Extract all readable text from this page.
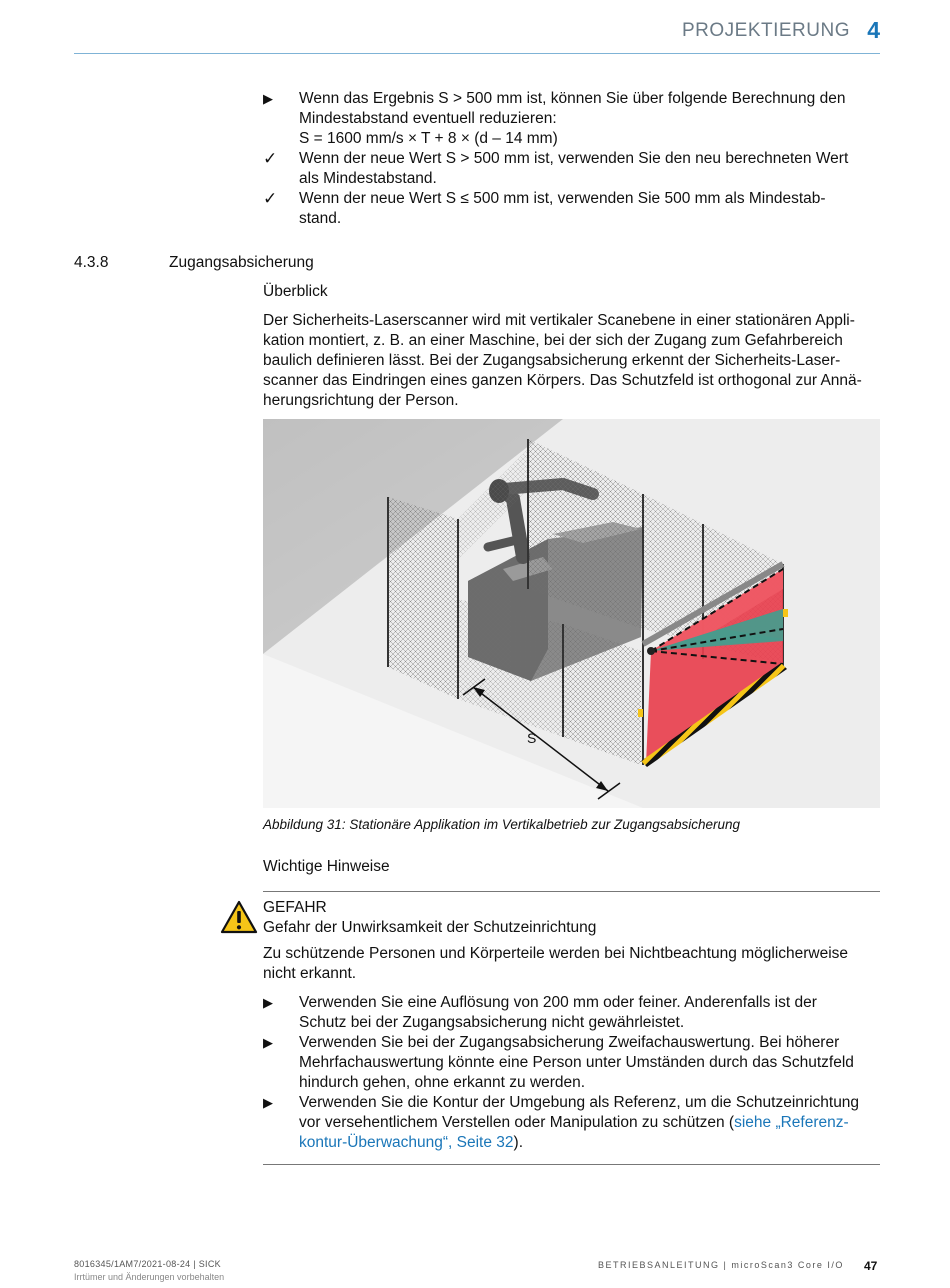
PROJEKTIERUNG 4
▶	Wenn das Ergebnis S > 500 mm ist, können Sie über folgende Berechnung den
Mindestabstand eventuell reduzieren:
S = 1600 mm/s × T + 8 × (d – 14 mm)
✓	Wenn der neue Wert S > 500 mm ist, verwenden Sie den neu berechneten Wert
als Mindestabstand.
✓	Wenn der neue Wert S ≤ 500 mm ist, verwenden Sie 500 mm als Mindestab-
stand.
4.3.8	Zugangsabsicherung
Überblick
Der Sicherheits-Laserscanner wird mit vertikaler Scanebene in einer stationären Appli-
kation montiert, z. B. an einer Maschine, bei der sich der Zugang zum Gefahrbereich
baulich definieren lässt. Bei der Zugangsabsicherung erkennt der Sicherheits-Laser-
scanner das Eindringen eines ganzen Körpers. Das Schutzfeld ist orthogonal zur Annä-
herungsrichtung der Person.
S
Abbildung 31: Stationäre Applikation im Vertikalbetrieb zur Zugangsabsicherung
Wichtige Hinweise
GEFAHR
Gefahr der Unwirksamkeit der Schutzeinrichtung
Zu schützende Personen und Körperteile werden bei Nichtbeachtung möglicherweise
nicht erkannt.
▶	Verwenden Sie eine Auflösung von 200 mm oder feiner. Anderenfalls ist der
Schutz bei der Zugangsabsicherung nicht gewährleistet.
▶	Verwenden Sie bei der Zugangsabsicherung Zweifachauswertung. Bei höherer
Mehrfachauswertung könnte eine Person unter Umständen durch das Schutzfeld
hindurch gehen, ohne erkannt zu werden.
▶	Verwenden Sie die Kontur der Umgebung als Referenz, um die Schutzeinrichtung
vor versehentlichem Verstellen oder Manipulation zu schützen (siehe „Referenz-
kontur-Überwachung“, Seite 32).
8016345/1AM7/2021-08-24 | SICK
Irrtümer und Änderungen vorbehalten
BETRIEBSANLEITUNG | microScan3 Core I/O 47
